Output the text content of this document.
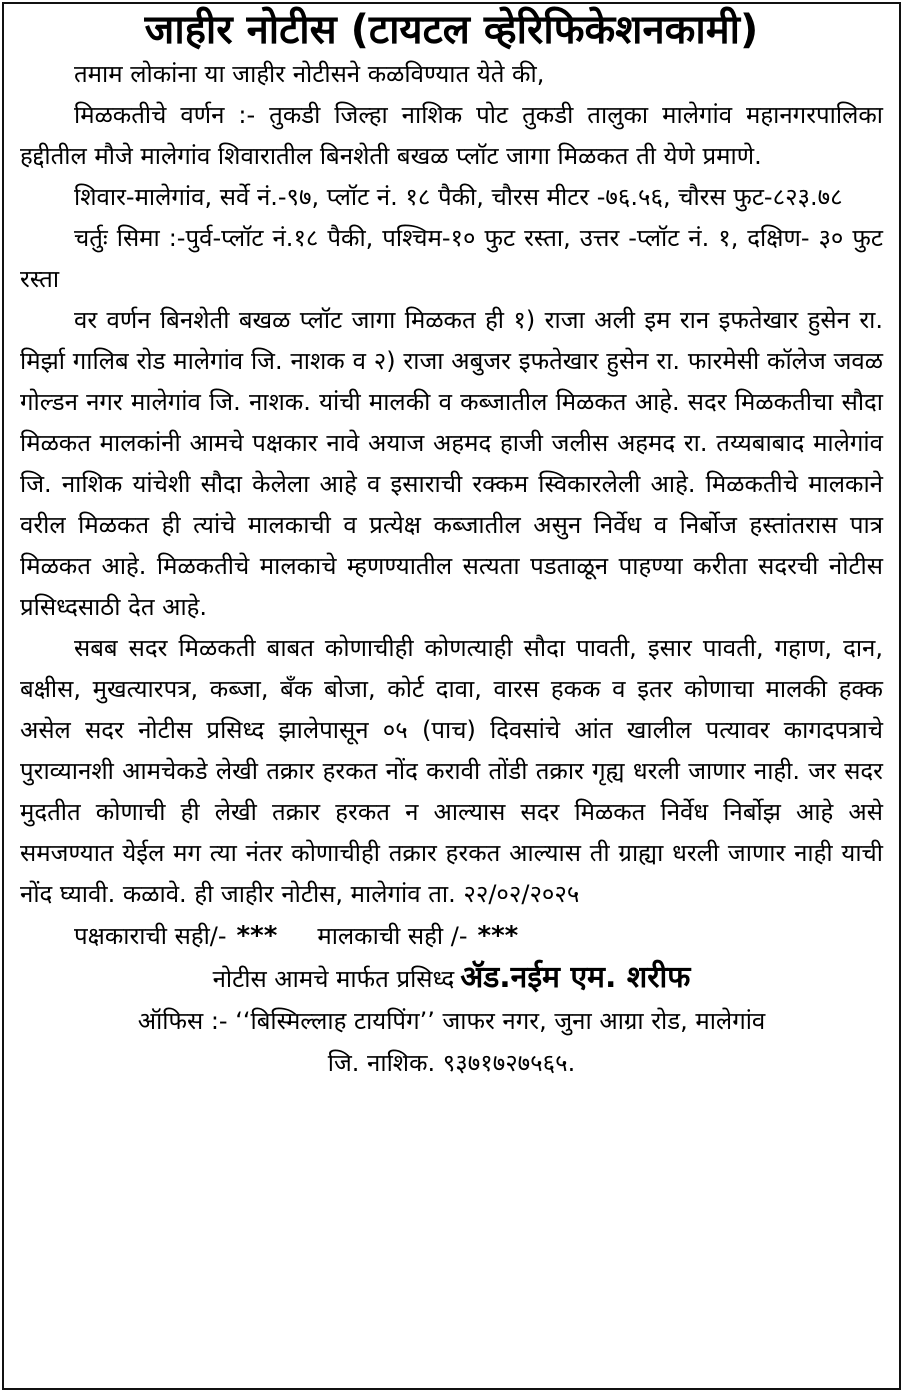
जाहीर नोटीस (टायटल व्हेरिफिकेशनकामी)

तमाम लोकांना या जाहीर नोटीसने कळविण्यात येते की,

मिळकतीचे वर्णन :- तुकडी जिल्हा नाशिक पोट तुकडी तालुका मालेगांव महानगरपालिका हद्दीतील मौजे मालेगांव शिवारातील बिनशेती बखळ प्लॉट जागा मिळकत ती येणे प्रमाणे.

शिवार-मालेगांव, सर्वे नं.-९७, प्लॉट नं. १८ पैकी, चौरस मीटर -७६.५६, चौरस फुट-८२३.७८

चर्तुः सिमा :-पुर्व-प्लॉट नं.१८ पैकी, पश्चिम-१० फुट रस्ता, उत्तर -प्लॉट नं. १, दक्षिण- ३० फुट रस्ता

वर वर्णन बिनशेती बखळ प्लॉट जागा मिळकत ही १) राजा अली इम रान इफतेखार हुसेन रा. मिर्झा गालिब रोड मालेगांव जि. नाशक व २) राजा अबुजर इफतेखार हुसेन रा. फारमेसी कॉलेज जवळ गोल्डन नगर मालेगांव जि. नाशक. यांची मालकी व कब्जातील मिळकत आहे. सदर मिळकतीचा सौदा मिळकत मालकांनी आमचे पक्षकार नावे अयाज अहमद हाजी जलीस अहमद रा. तय्यबाबाद मालेगांव जि. नाशिक यांचेशी सौदा केलेला आहे व इसाराची रक्कम स्विकारलेली आहे. मिळकतीचे मालकाने वरील मिळकत ही त्यांचे मालकाची व प्रत्येक्ष कब्जातील असुन निर्वेध व निर्बोज हस्तांतरास पात्र मिळकत आहे. मिळकतीचे मालकाचे म्हणण्यातील सत्यता पडताळून पाहण्या करीता सदरची नोटीस प्रसिध्दसाठी देत आहे.

सबब सदर मिळकती बाबत कोणाचीही कोणत्याही सौदा पावती, इसार पावती, गहाण, दान, बक्षीस, मुखत्यारपत्र, कब्जा, बँक बोजा, कोर्ट दावा, वारस हकक व इतर कोणाचा मालकी हक्क असेल सदर नोटीस प्रसिध्द झालेपासून ०५ (पाच) दिवसांचे आंत खालील पत्यावर कागदपत्राचे पुराव्यानशी आमचेकडे लेखी तक्रार हरकत नोंद करावी तोंडी तक्रार गृह्य धरली जाणार नाही. जर सदर मुदतीत कोणाची ही लेखी तक्रार हरकत न आल्यास सदर मिळकत निर्वेध निर्बोझ आहे असे समजण्यात येईल मग त्या नंतर कोणाचीही तक्रार हरकत आल्यास ती ग्राह्या धरली जाणार नाही याची नोंद घ्यावी. कळावे. ही जाहीर नोटीस, मालेगांव ता. २२/०२/२०२५

पक्षकाराची सही/- *** मालकाची सही /- ***
नोटीस आमचे मार्फत प्रसिध्द ॲड.नईम एम. शरीफ
ऑफिस :- ‘‘बिस्मिल्लाह टायपिंग’’ जाफर नगर, जुना आग्रा रोड, मालेगांव
जि. नाशिक. ९३७१७२७५६५.
